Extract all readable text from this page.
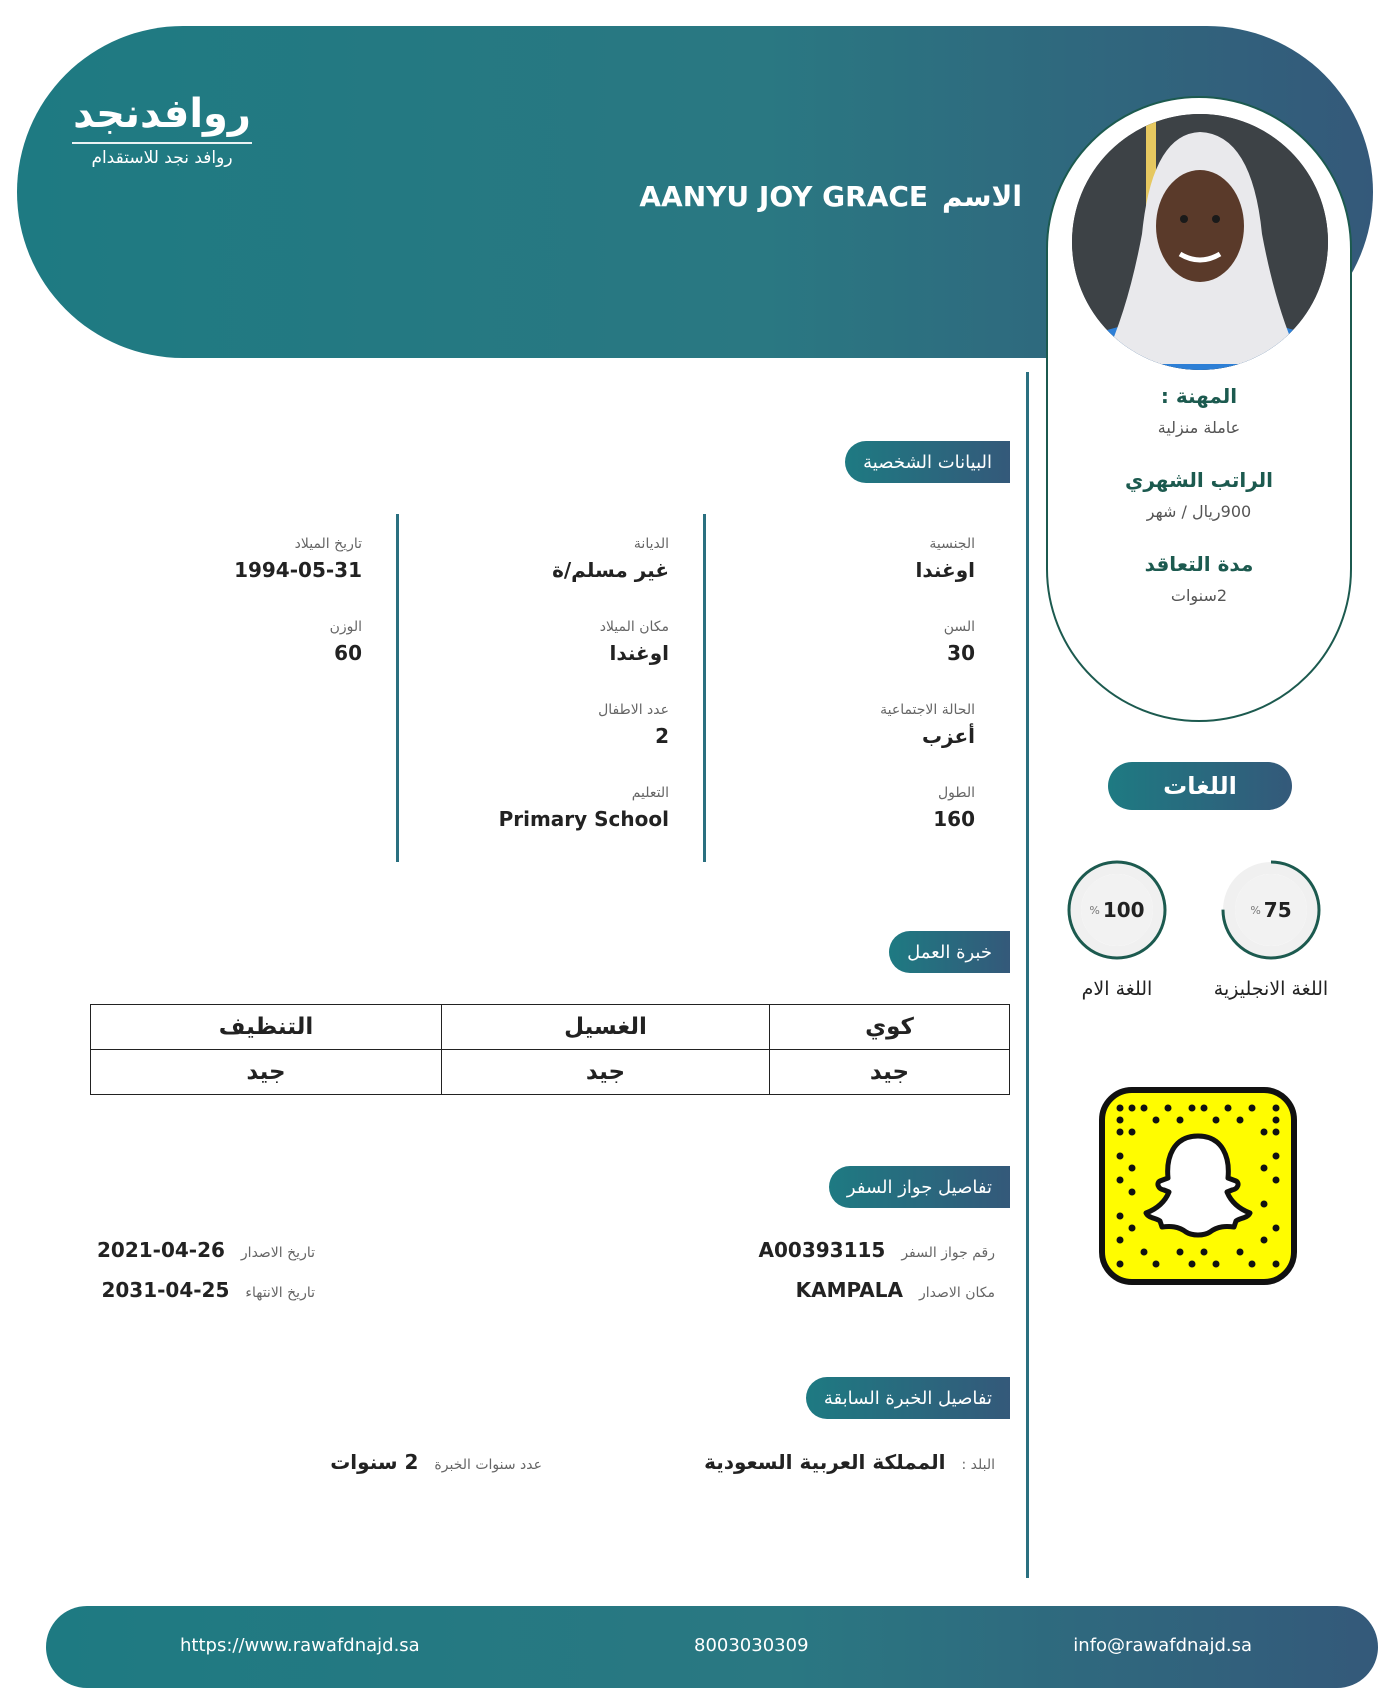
روافدنجد
روافد نجد للاستقدام
الاسم
AANYU JOY GRACE
المهنة :
عاملة منزلية
الراتب الشهري
900ريال / شهر
مدة التعاقد
2سنوات
البيانات الشخصية
الجنسية
اوغندا
الديانة
غير مسلم/ة
تاريخ الميلاد
1994-05-31
السن
30
مكان الميلاد
اوغندا
الوزن
60
الحالة الاجتماعية
أعزب
عدد الاطفال
2
الطول
160
التعليم
Primary School
اللغات
% 75
اللغة الانجليزية
% 100
اللغة الام
خبرة العمل
كوي	الغسيل	التنظيف
جيد	جيد	جيد
تفاصيل جواز السفر
رقم جواز السفر
A00393115
تاريخ الاصدار
2021-04-26
مكان الاصدار
KAMPALA
تاريخ الانتهاء
2031-04-25
تفاصيل الخبرة السابقة
البلد :
المملكة العربية السعودية
عدد سنوات الخبرة
2 سنوات
https://www.rawafdnajd.sa	8003030309	info@rawafdnajd.sa
